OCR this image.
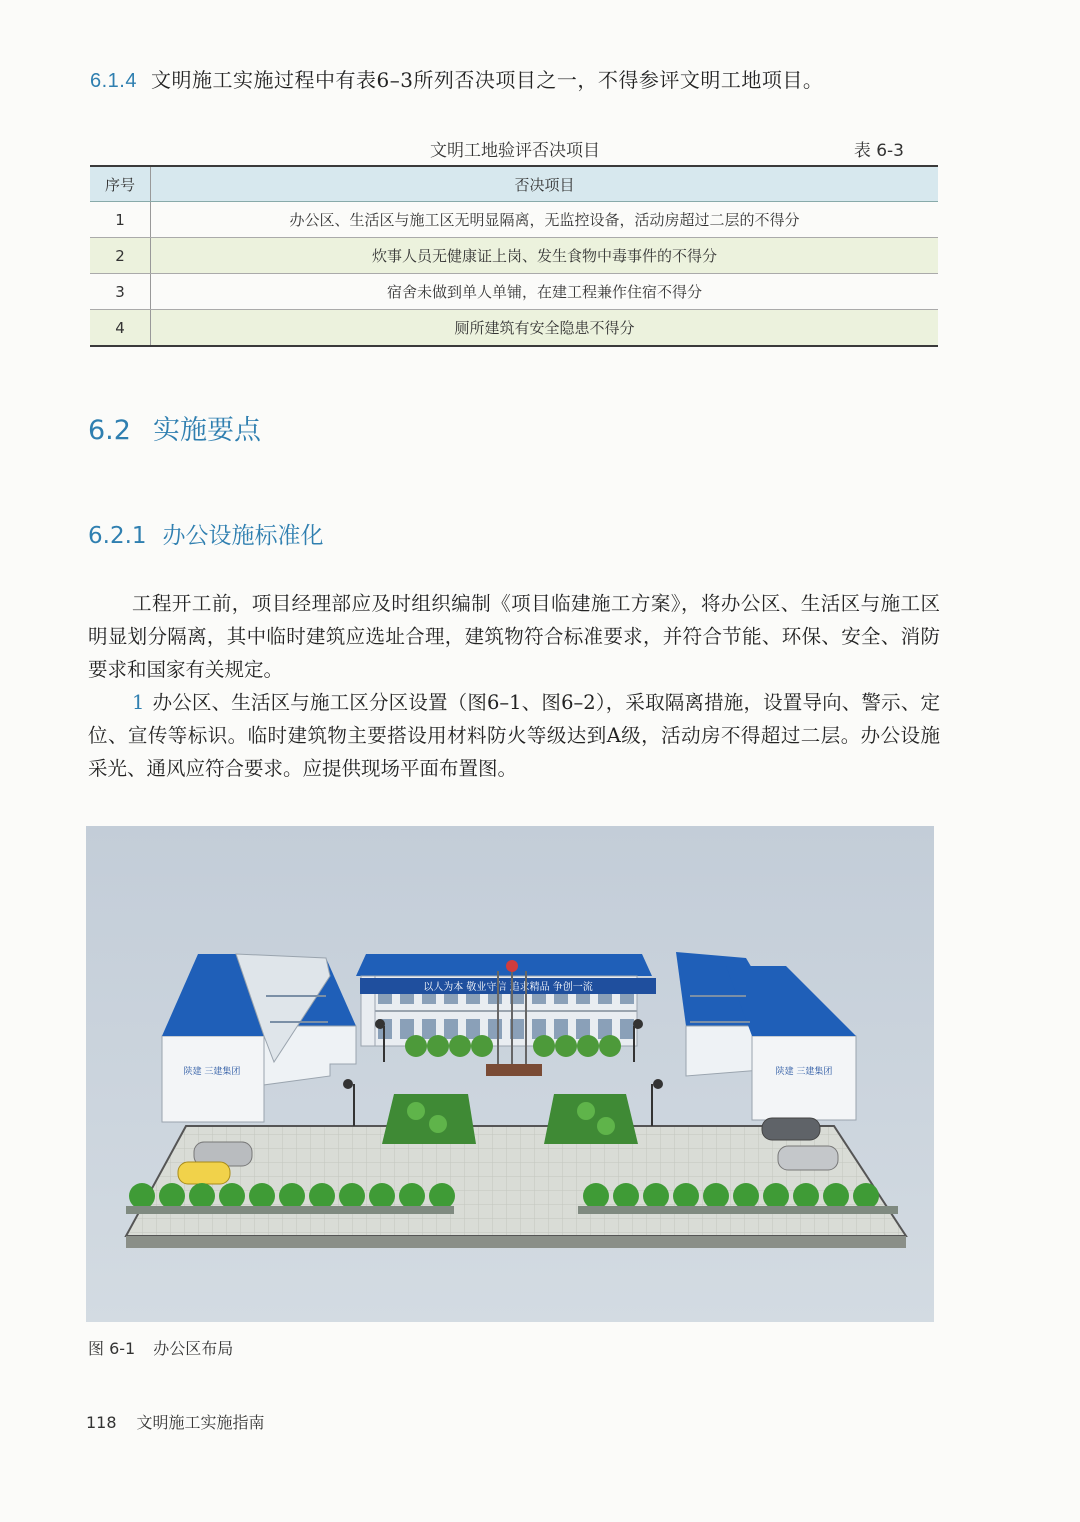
6.1.4 文明施工实施过程中有表6–3所列否决项目之一，不得参评文明工地项目。
文明工地验评否决项目	表 6-3
序号	否决项目
1	办公区、生活区与施工区无明显隔离，无监控设备，活动房超过二层的不得分
2	炊事人员无健康证上岗、发生食物中毒事件的不得分
3	宿舍未做到单人单铺，在建工程兼作住宿不得分
4	厕所建筑有安全隐患不得分
6.2 实施要点
6.2.1 办公设施标准化
工程开工前，项目经理部应及时组织编制《项目临建施工方案》，将办公区、生活区与施工区明显划分隔离，其中临时建筑应选址合理，建筑物符合标准要求，并符合节能、环保、安全、消防要求和国家有关规定。
1 办公区、生活区与施工区分区设置（图6–1、图6–2），采取隔离措施，设置导向、警示、定位、宣传等标识。临时建筑物主要搭设用材料防火等级达到A级，活动房不得超过二层。办公设施采光、通风应符合要求。应提供现场平面布置图。
以人为本 敬业守信 追求精品 争创一流
陕建 三建集团	陕建 三建集团
图 6-1 办公区布局
118 文明施工实施指南
